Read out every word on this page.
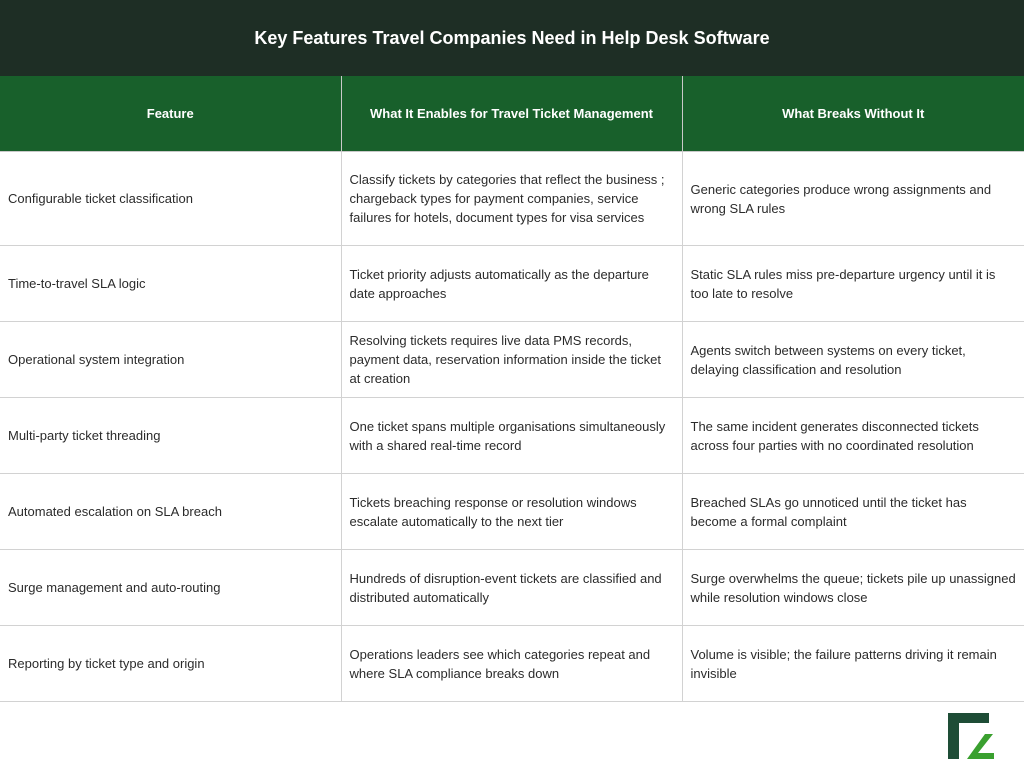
Key Features Travel Companies Need in Help Desk Software
Feature	What It Enables for Travel Ticket Management	What Breaks Without It
Configurable ticket classification	Classify tickets by categories that reflect the business ; chargeback types for payment companies, service failures for hotels, document types for visa services	Generic categories produce wrong assignments and wrong SLA rules
Time-to-travel SLA logic	Ticket priority adjusts automatically as the departure date approaches	Static SLA rules miss pre-departure urgency until it is too late to resolve
Operational system integration	Resolving tickets requires live data PMS records, payment data, reservation information inside the ticket at creation	Agents switch between systems on every ticket, delaying classification and resolution
Multi-party ticket threading	One ticket spans multiple organisations simultaneously with a shared real-time record	The same incident generates disconnected tickets across four parties with no coordinated resolution
Automated escalation on SLA breach	Tickets breaching response or resolution windows escalate automatically to the next tier	Breached SLAs go unnoticed until the ticket has become a formal complaint
Surge management and auto-routing	Hundreds of disruption-event tickets are classified and distributed automatically	Surge overwhelms the queue; tickets pile up unassigned while resolution windows close
Reporting by ticket type and origin	Operations leaders see which categories repeat and where SLA compliance breaks down	Volume is visible; the failure patterns driving it remain invisible
